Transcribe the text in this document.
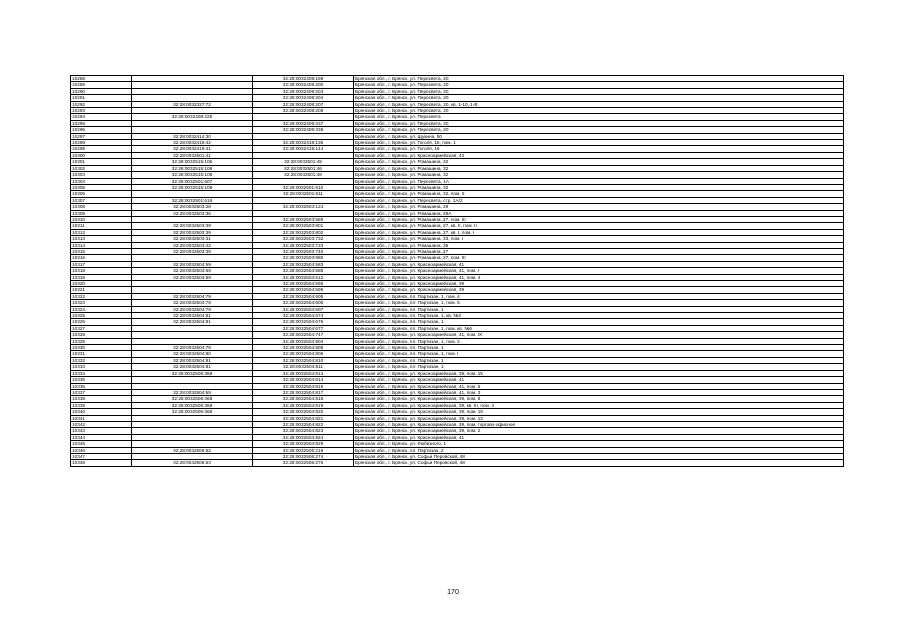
10288		32:28:0032408:198	Брянская обл., г. Брянск, ул. Пересвета, 20
10289		32:28:0032408:200	Брянская обл., г. Брянск, ул. Пересвета, 20
10290		32:28:0032408:203	Брянская обл., г. Брянск, ул. Пересвета, 20
10291		32:28:0032408:204	Брянская обл., г. Брянск, ул. Пересвета, 20
10292	32:28:0032327:72	32:28:0032408:207	Брянская обл., г. Брянск, ул. Пересвета, 20, кв. 1-10, 1-В
10293		32:28:0032408:208	Брянская обл., г. Брянск, ул. Пересвета, 20
10294	32:28:0032408:225		Брянская обл., г. Брянск, ул. Пересвета
10295		32:28:0032408:337	Брянская обл., г. Брянск, ул. Пересвета, 20
10296		32:28:0032408:338	Брянская обл., г. Брянск, ул. Пересвета, 20
10297	32:28:0032414:30		Брянская обл., г. Брянск, ул. Щукина, 50
10298	32:28:0032419:42	32:28:0032419:136	Брянская обл., г. Брянск, ул. Гоголя, 16, пом. 1
10299	32:28:0032419:41	32:28:0032419:144	Брянская обл., г. Брянск, ул. Гоголя, 16
10300	32:28:0032501:41		Брянская обл., г. Брянск, ул. Красноармейская, 43
10301	32:28:0032515:106	32:28:0032501:45	Брянская обл., г. Брянск, ул. Ромашина, 32
10302	32:28:0032515:108	32:28:0032501:46	Брянская обл., г. Брянск, ул. Ромашина, 32
10303	32:28:0032515:108	32:28:0032501:48	Брянская обл., г. Брянск, ул. Ромашина, 32
10304	32:28:0032501:607		Брянская обл., г. Брянск, ул. Пересвета, 1А
10305	32:28:0032515:108	32:28:0032501:610	Брянская обл., г. Брянск, ул. Ромашина, 32
10306		32:28:0032501:611	Брянская обл., г. Брянск, ул. Ромашина, 32, пом. 6
10307	32:28:0032501:616		Брянская обл., г. Брянск, ул. Пересвета, стр. 1А/2
10308	32:28:0032503:28	32:28:0032503:124	Брянская обл., г. Брянск, ул. Ромашина, 29
10309	32:28:0032503:36		Брянская обл., г. Брянск, ул. Ромашина, 29А
10310		32:28:0032503:589	Брянская обл., г. Брянск, ул. Ромашина, 27, пом. III
10311	32:28:0032503:39	32:28:0032503:801	Брянская обл., г. Брянск, ул. Ромашина, 27, кв. II, пом. II
10312	32:28:0032503:39	32:28:0032503:802	Брянская обл., г. Брянск, ул. Ромашина, 27, кв. I, пом. I
10313	32:28:0032503:31	32:28:0032503:732	Брянская обл., г. Брянск, ул. Ромашина, 33, пом. I
10314	32:28:0032503:42	32:28:0032503:733	Брянская обл., г. Брянск, ул. Ромашина, 35
10315	32:28:0032503:39	32:28:0032503:740	Брянская обл., г. Брянск, ул. Ромашина, 27
10316		32:28:0032503:980	Брянская обл., г. Брянск, ул. Ромашина, 27, пом. III
10317	32:28:0032504:69	32:28:0032504:583	Брянская обл., г. Брянск, ул. Красноармейская, 41
10318	32:28:0032504:69	32:28:0032504:585	Брянская обл., г. Брянск, ул. Красноармейская, 41, пом. I
10319	32:28:0032504:69	32:28:0032504:512	Брянская обл., г. Брянск, ул. Красноармейская, 41, пом. 4
10320		32:28:0032504:596	Брянская обл., г. Брянск, ул. Красноармейская, 39
10321		32:28:0032504:598	Брянская обл., г. Брянск, ул. Красноармейская, 39
10322	32:28:0032504:79	32:28:0032504:605	Брянская обл., г. Брянск, пл. Партизан, 1, пом. 4
10323	32:28:0032504:79	32:28:0032504:606	Брянская обл., г. Брянск, пл. Партизан, 1, пом. 5
10324	32:28:0032504:79	32:28:0032504:607	Брянская обл., г. Брянск, пл. Партизан, 1
10325	32:28:0032504:81	32:28:0032504:674	Брянская обл., г. Брянск, пл. Партизан, 1, кв. №3
10326	32:28:0032504:81	32:28:0032504:676	Брянская обл., г. Брянск, пл. Партизан, 1
10327		32:28:0032504:677	Брянская обл., г. Брянск, пл. Партизан, 1, пом. кв. №6
10328		32:28:0032504:747	Брянская обл., г. Брянск, ул. Красноармейская, 41, пом. IX
10329		32:28:0032504:804	Брянская обл., г. Брянск, пл. Партизан, 1, пом. 2
10330	32:28:0032504:79	32:28:0032504:805	Брянская обл., г. Брянск, пл. Партизан, 1
10331	32:28:0032504:80	32:28:0032504:806	Брянская обл., г. Брянск, пл. Партизан, 1, пом. I
10332	32:28:0032504:81	32:28:0032504:810	Брянская обл., г. Брянск, пл. Партизан, 1
10333	32:28:0032504:81	32:28:0032504:811	Брянская обл., г. Брянск, пл. Партизан, 1
10334	32:28:0032506:368	32:28:0032504:813	Брянская обл., г. Брянск, ул. Красноармейская, 39, пом. 15
10335		32:28:0032504:814	Брянская обл., г. Брянск, ул. Красноармейская, 41
10336		32:28:0032504:815	Брянская обл., г. Брянск, ул. Красноармейская, 41, пом. 5
10337	32:28:0032504:69	32:28:0032504:817	Брянская обл., г. Брянск, ул. Красноармейская, 41, пом. 3
10338	32:28:0032506:368	32:28:0032504:818	Брянская обл., г. Брянск, ул. Красноармейская, 39, пом. 8
10339	32:28:0032506:368	32:28:0032504:819	Брянская обл., г. Брянск, ул. Красноармейская, 39, кв. III, пом. 3
10340	32:28:0032506:368	32:28:0032504:820	Брянская обл., г. Брянск, ул. Красноармейская, 39, пом. 19
10341		32:28:0032504:821	Брянская обл., г. Брянск, ул. Красноармейская, 39, пом. 13
10342		32:28:0032504:822	Брянская обл., г. Брянск, ул. Красноармейская, 39, пом. торгово-офисное
10343		32:28:0032504:823	Брянская обл., г. Брянск, ул. Красноармейская, 39, пом. 2
10344		32:28:0032504:824	Брянская обл., г. Брянск, ул. Красноармейская, 41
10345		32:28:0032504:829	Брянская обл., г. Брянск, ул. Любезного, 1
10346	32:28:0032506:62	32:28:0032506:219	Брянская обл., г. Брянск, пл. Партизан, 2
10347		32:28:0032506:274	Брянская обл., г. Брянск, ул. Софьи Перовской, 48
10348	32:28:0032506:63	32:28:0032506:275	Брянская обл., г. Брянск, ул. Софьи Перовской, 48
170
